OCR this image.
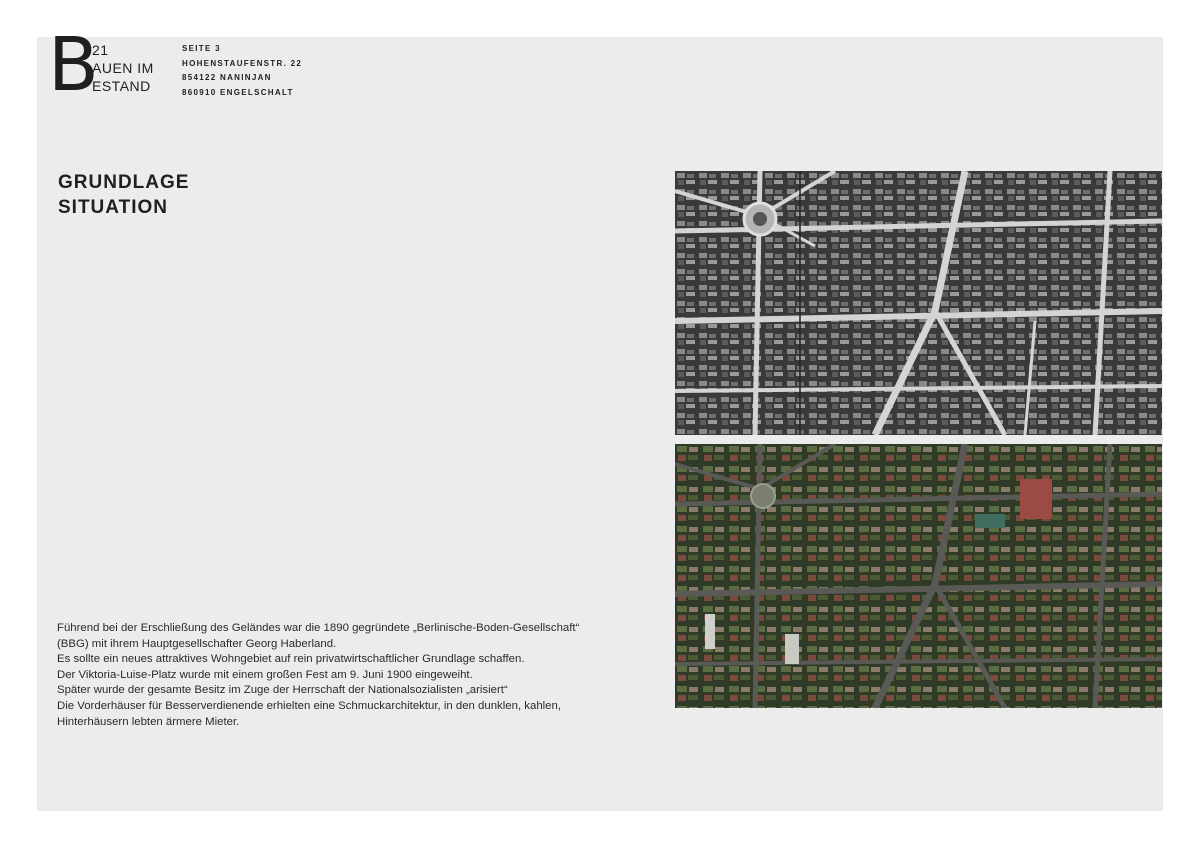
B
21
AUEN IM
ESTAND
SEITE 3
HOHENSTAUFENSTR. 22
854122 NANINJAN
860910 ENGELSCHALT
GRUNDLAGE
SITUATION
Führend bei der Erschließung des Geländes war die 1890 gegründete „Berlinische-Boden-Gesellschaft“
(BBG) mit ihrem Hauptgesellschafter Georg Haberland.
Es sollte ein neues attraktives Wohngebiet auf rein privatwirtschaftlicher Grundlage schaffen.
Der Viktoria-Luise-Platz wurde mit einem großen Fest am 9. Juni 1900 eingeweiht.
Später wurde der gesamte Besitz im Zuge der Herrschaft der Nationalsozialisten „arisiert“
Die Vorderhäuser für Besserverdienende erhielten eine Schmuckarchitektur, in den dunklen, kahlen,
Hinterhäusern lebten ärmere Mieter.
